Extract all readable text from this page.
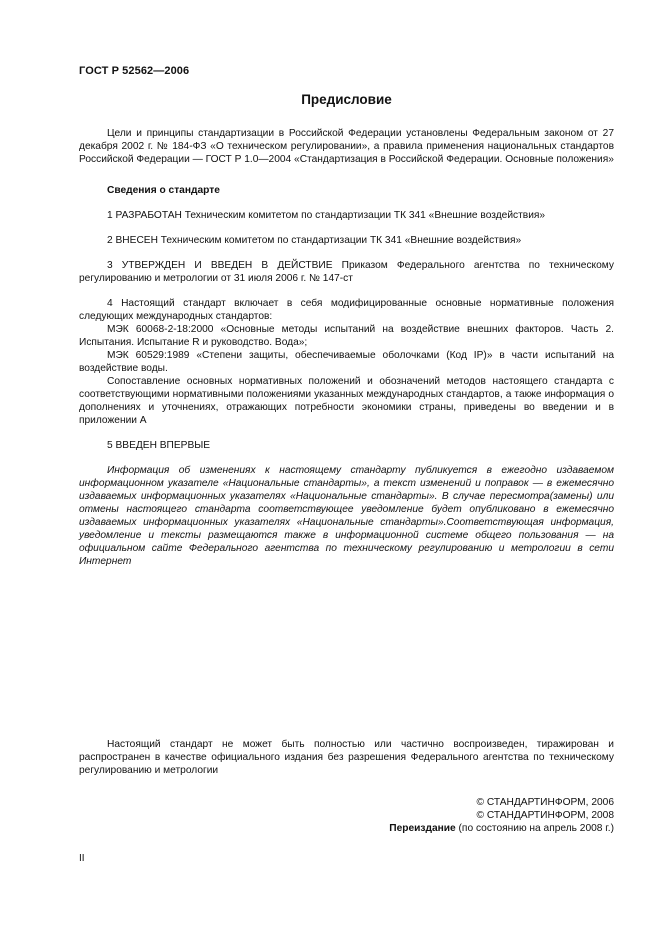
ГОСТ Р 52562—2006
Предисловие

Цели и принципы стандартизации в Российской Федерации установлены Федеральным законом от 27 декабря 2002 г. № 184-ФЗ «О техническом регулировании», а правила применения национальных стандартов Российской Федерации — ГОСТ Р 1.0—2004 «Стандартизация в Российской Федерации. Основные положения»

Сведения о стандарте

1 РАЗРАБОТАН Техническим комитетом по стандартизации ТК 341 «Внешние воздействия»

2 ВНЕСЕН Техническим комитетом по стандартизации ТК 341 «Внешние воздействия»

3 УТВЕРЖДЕН И ВВЕДЕН В ДЕЙСТВИЕ Приказом Федерального агентства по техническому регулированию и метрологии от 31 июля 2006 г. № 147-ст

4 Настоящий стандарт включает в себя модифицированные основные нормативные положения следующих международных стандартов:

МЭК 60068-2-18:2000 «Основные методы испытаний на воздействие внешних факторов. Часть 2. Испытания. Испытание R и руководство. Вода»;

МЭК 60529:1989 «Степени защиты, обеспечиваемые оболочками (Код IP)» в части испытаний на воздействие воды.

Сопоставление основных нормативных положений и обозначений методов настоящего стандарта с соответствующими нормативными положениями указанных международных стандартов, а также информация о дополнениях и уточнениях, отражающих потребности экономики страны, приведены во введении и в приложении А

5 ВВЕДЕН ВПЕРВЫЕ

Информация об изменениях к настоящему стандарту публикуется в ежегодно издаваемом информационном указателе «Национальные стандарты», а текст изменений и поправок — в ежемесячно издаваемых информационных указателях «Национальные стандарты». В случае пересмотра(замены) или отмены настоящего стандарта соответствующее уведомление будет опубликовано в ежемесячно издаваемых информационных указателях «Национальные стандарты».Соответствующая информация, уведомление и тексты размещаются также в информационной системе общего пользования — на официальном сайте Федерального агентства по техническому регулированию и метрологии в сети Интернет

Настоящий стандарт не может быть полностью или частично воспроизведен, тиражирован и распространен в качестве официального издания без разрешения Федерального агентства по техническому регулированию и метрологии

© СТАНДАРТИНФОРМ, 2006
© СТАНДАРТИНФОРМ, 2008
Переиздание (по состоянию на апрель 2008 г.)
II
